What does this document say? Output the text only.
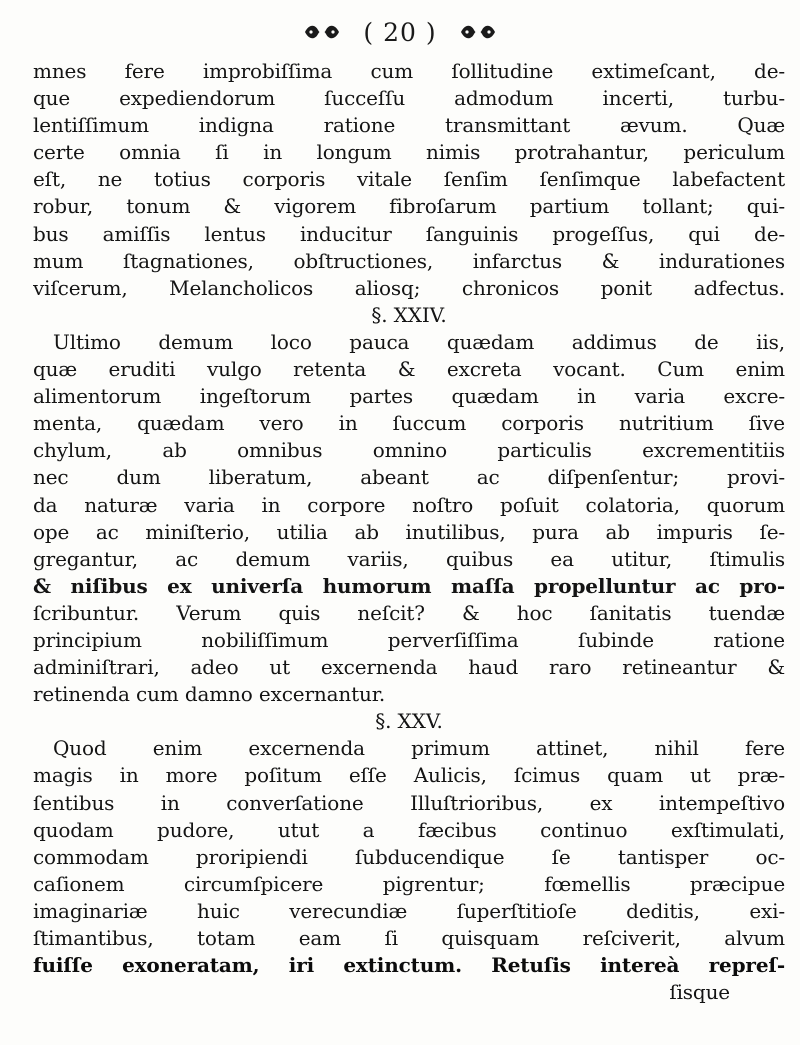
( 20 )
mnes fere improbiſſima cum ſollitudine extimeſcant, de-
que expediendorum ſucceſſu admodum incerti, turbu-
lentiſſimum indigna ratione transmittant ævum. Quæ
certe omnia ſi in longum nimis protrahantur, periculum
eſt, ne totius corporis vitale ſenſim ſenſimque labefactent
robur, tonum & vigorem fibroſarum partium tollant; qui-
bus amiſſis lentus inducitur ſanguinis progeſſus, qui de-
mum ſtagnationes, obſtructiones, infarctus & indurationes
viſcerum, Melancholicos aliosq; chronicos ponit adfectus.
§. XXIV.
Ultimo demum loco pauca quædam addimus de iis,
quæ eruditi vulgo retenta & excreta vocant. Cum enim
alimentorum ingeſtorum partes quædam in varia excre-
menta, quædam vero in ſuccum corporis nutritium ſive
chylum, ab omnibus omnino particulis excrementitiis
nec dum liberatum, abeant ac diſpenſentur; provi-
da naturæ varia in corpore noſtro poſuit colatoria, quorum
ope ac miniſterio, utilia ab inutilibus, pura ab impuris ſe-
gregantur, ac demum variis, quibus ea utitur, ſtimulis
& niſibus ex univerſa humorum maſſa propelluntur ac pro-
ſcribuntur. Verum quis neſcit? & hoc ſanitatis tuendæ
principium nobiliſſimum perverſiſſima ſubinde ratione
adminiſtrari, adeo ut excernenda haud raro retineantur &
retinenda cum damno excernantur.
§. XXV.
Quod enim excernenda primum attinet, nihil fere
magis in more poſitum eſſe Aulicis, ſcimus quam ut præ-
ſentibus in converſatione Illuſtrioribus, ex intempeſtivo
quodam pudore, utut a fæcibus continuo exſtimulati,
commodam proripiendi ſubducendique ſe tantisper oc-
caſionem circumſpicere pigrentur; fœmellis præcipue
imaginariæ huic verecundiæ ſuperſtitioſe deditis, exi-
ſtimantibus, totam eam ſi quisquam reſciverit, alvum
fuiſſe exoneratam, iri extinctum. Retuſis intereà repreſ-
ſisque
